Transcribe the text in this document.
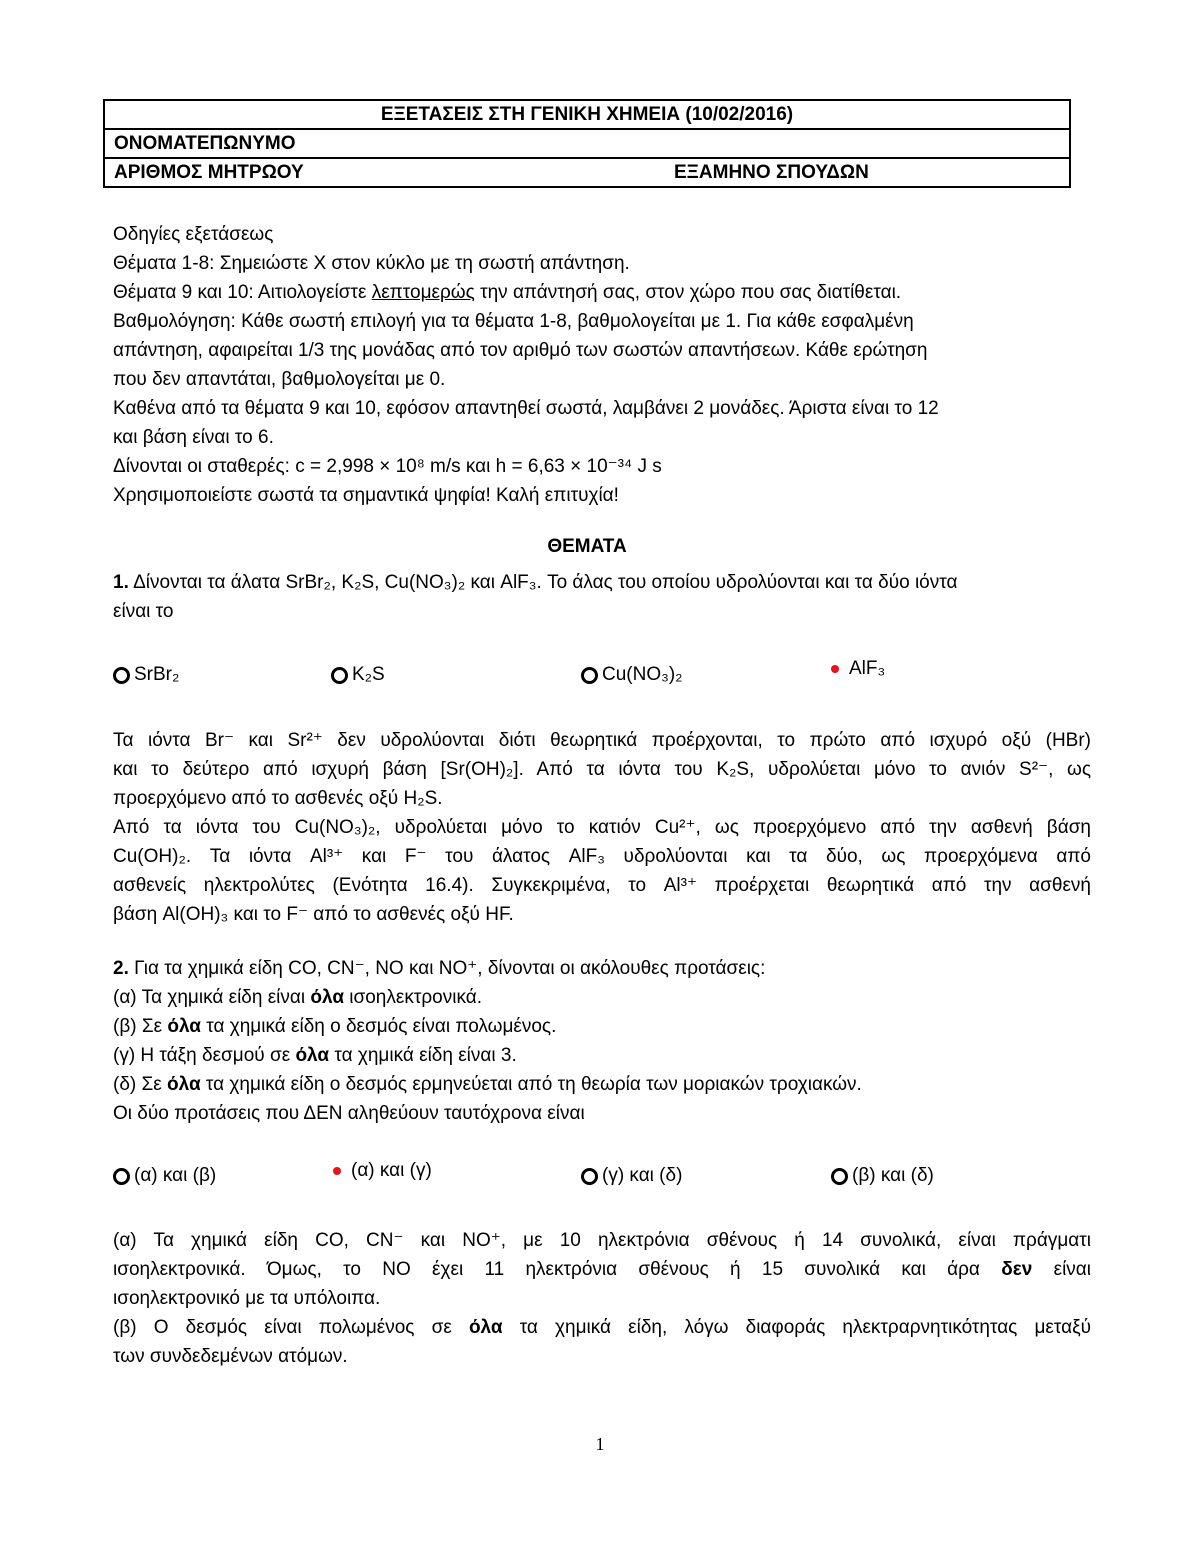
ΕΞΕΤΑΣΕΙΣ ΣΤΗ ΓΕΝΙΚΗ ΧΗΜΕΙΑ (10/02/2016)
ΟΝΟΜΑΤΕΠΩΝΥΜΟ
ΑΡΙΘΜΟΣ ΜΗΤΡΩΟΥ	ΕΞΑΜΗΝΟ ΣΠΟΥΔΩΝ
Οδηγίες εξετάσεως
Θέματα 1-8: Σημειώστε Χ στον κύκλο με τη σωστή απάντηση.
Θέματα 9 και 10: Αιτιολογείστε λεπτομερώς την απάντησή σας, στον χώρο που σας διατίθεται.
Βαθμολόγηση: Κάθε σωστή επιλογή για τα θέματα 1-8, βαθμολογείται με 1. Για κάθε εσφαλμένη
απάντηση, αφαιρείται 1/3 της μονάδας από τον αριθμό των σωστών απαντήσεων. Κάθε ερώτηση
που δεν απαντάται, βαθμολογείται με 0.
Καθένα από τα θέματα 9 και 10, εφόσον απαντηθεί σωστά, λαμβάνει 2 μονάδες. Άριστα είναι το 12
και βάση είναι το 6.
Δίνονται οι σταθερές: c = 2,998 × 10⁸ m/s και h = 6,63 × 10⁻³⁴ J s
Χρησιμοποιείστε σωστά τα σημαντικά ψηφία! Καλή επιτυχία!
ΘΕΜΑΤΑ
1. Δίνονται τα άλατα SrBr₂, K₂S, Cu(NO₃)₂ και AlF₃. Το άλας του οποίου υδρολύονται και τα δύο ιόντα
είναι το
SrBr₂	K₂S	Cu(NO₃)₂	AlF₃
Τα ιόντα Br⁻ και Sr²⁺ δεν υδρολύονται διότι θεωρητικά προέρχονται, το πρώτο από ισχυρό οξύ (HBr)
και το δεύτερο από ισχυρή βάση [Sr(OH)₂]. Από τα ιόντα του K₂S, υδρολύεται μόνο το ανιόν S²⁻, ως
προερχόμενο από το ασθενές οξύ H₂S.
Από τα ιόντα του Cu(NO₃)₂, υδρολύεται μόνο το κατιόν Cu²⁺, ως προερχόμενο από την ασθενή βάση
Cu(OH)₂. Τα ιόντα Al³⁺ και F⁻ του άλατος AlF₃ υδρολύονται και τα δύο, ως προερχόμενα από
ασθενείς ηλεκτρολύτες (Ενότητα 16.4). Συγκεκριμένα, το Al³⁺ προέρχεται θεωρητικά από την ασθενή
βάση Al(OH)₃ και το F⁻ από το ασθενές οξύ HF.
2. Για τα χημικά είδη CO, CN⁻, NO και NO⁺, δίνονται οι ακόλουθες προτάσεις:
(α) Τα χημικά είδη είναι όλα ισοηλεκτρονικά.
(β) Σε όλα τα χημικά είδη ο δεσμός είναι πολωμένος.
(γ) Η τάξη δεσμού σε όλα τα χημικά είδη είναι 3.
(δ) Σε όλα τα χημικά είδη ο δεσμός ερμηνεύεται από τη θεωρία των μοριακών τροχιακών.
Οι δύο προτάσεις που ΔΕΝ αληθεύουν ταυτόχρονα είναι
(α) και (β)	(α) και (γ)	(γ) και (δ)	(β) και (δ)
(α) Τα χημικά είδη CO, CN⁻ και NO⁺, με 10 ηλεκτρόνια σθένους ή 14 συνολικά, είναι πράγματι
ισοηλεκτρονικά. Όμως, το NO έχει 11 ηλεκτρόνια σθένους ή 15 συνολικά και άρα δεν είναι
ισοηλεκτρονικό με τα υπόλοιπα.
(β) Ο δεσμός είναι πολωμένος σε όλα τα χημικά είδη, λόγω διαφοράς ηλεκτραρνητικότητας μεταξύ
των συνδεδεμένων ατόμων.
1
